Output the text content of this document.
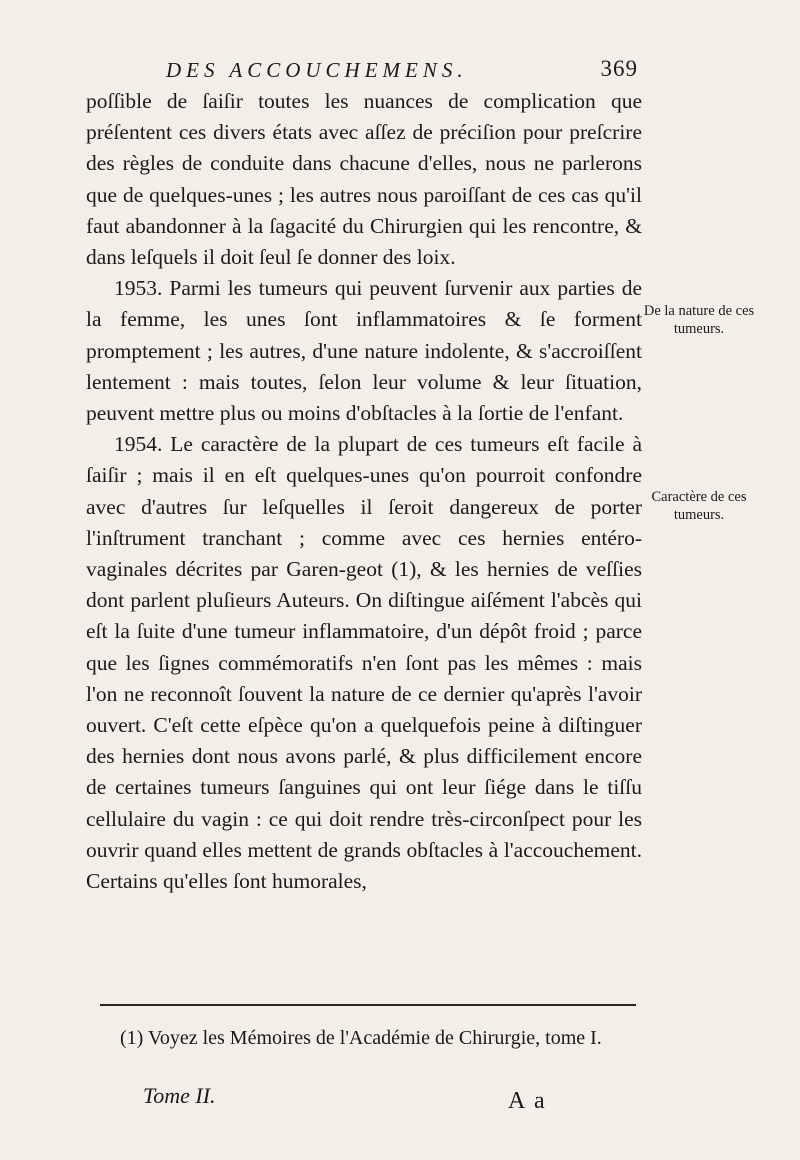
DES ACCOUCHEMENS.	369

poſſible de ſaiſir toutes les nuances de complication que préſentent ces divers états avec aſſez de préciſion pour preſcrire des règles de conduite dans chacune d'elles, nous ne parlerons que de quelques-unes ; les autres nous paroiſſant de ces cas qu'il faut abandonner à la ſagacité du Chirurgien qui les rencontre, & dans leſquels il doit ſeul ſe donner des loix.

1953. Parmi les tumeurs qui peuvent ſurvenir aux parties de la femme, les unes ſont inflammatoires & ſe forment promptement ; les autres, d'une nature indolente, & s'accroiſſent lentement : mais toutes, ſelon leur volume & leur ſituation, peuvent mettre plus ou moins d'obſtacles à la ſortie de l'enfant.

1954. Le caractère de la plupart de ces tumeurs eſt facile à ſaiſir ; mais il en eſt quelques-unes qu'on pourroit confondre avec d'autres ſur leſquelles il ſeroit dangereux de porter l'inſtrument tranchant ; comme avec ces hernies entéro-vaginales décrites par Garen-geot (1), & les hernies de veſſies dont parlent pluſieurs Auteurs. On diſtingue aiſément l'abcès qui eſt la ſuite d'une tumeur inflammatoire, d'un dépôt froid ; parce que les ſignes commémoratifs n'en ſont pas les mêmes : mais l'on ne reconnoît ſouvent la nature de ce dernier qu'après l'avoir ouvert. C'eſt cette eſpèce qu'on a quelquefois peine à diſtinguer des hernies dont nous avons parlé, & plus difficilement encore de certaines tumeurs ſanguines qui ont leur ſiége dans le tiſſu cellulaire du vagin : ce qui doit rendre très-circonſpect pour les ouvrir quand elles mettent de grands obſtacles à l'accouchement. Certains qu'elles ſont humorales,

De la nature de ces tumeurs.
Caractère de ces tumeurs.

(1) Voyez les Mémoires de l'Académie de Chirurgie, tome I.

Tome II.	A a
